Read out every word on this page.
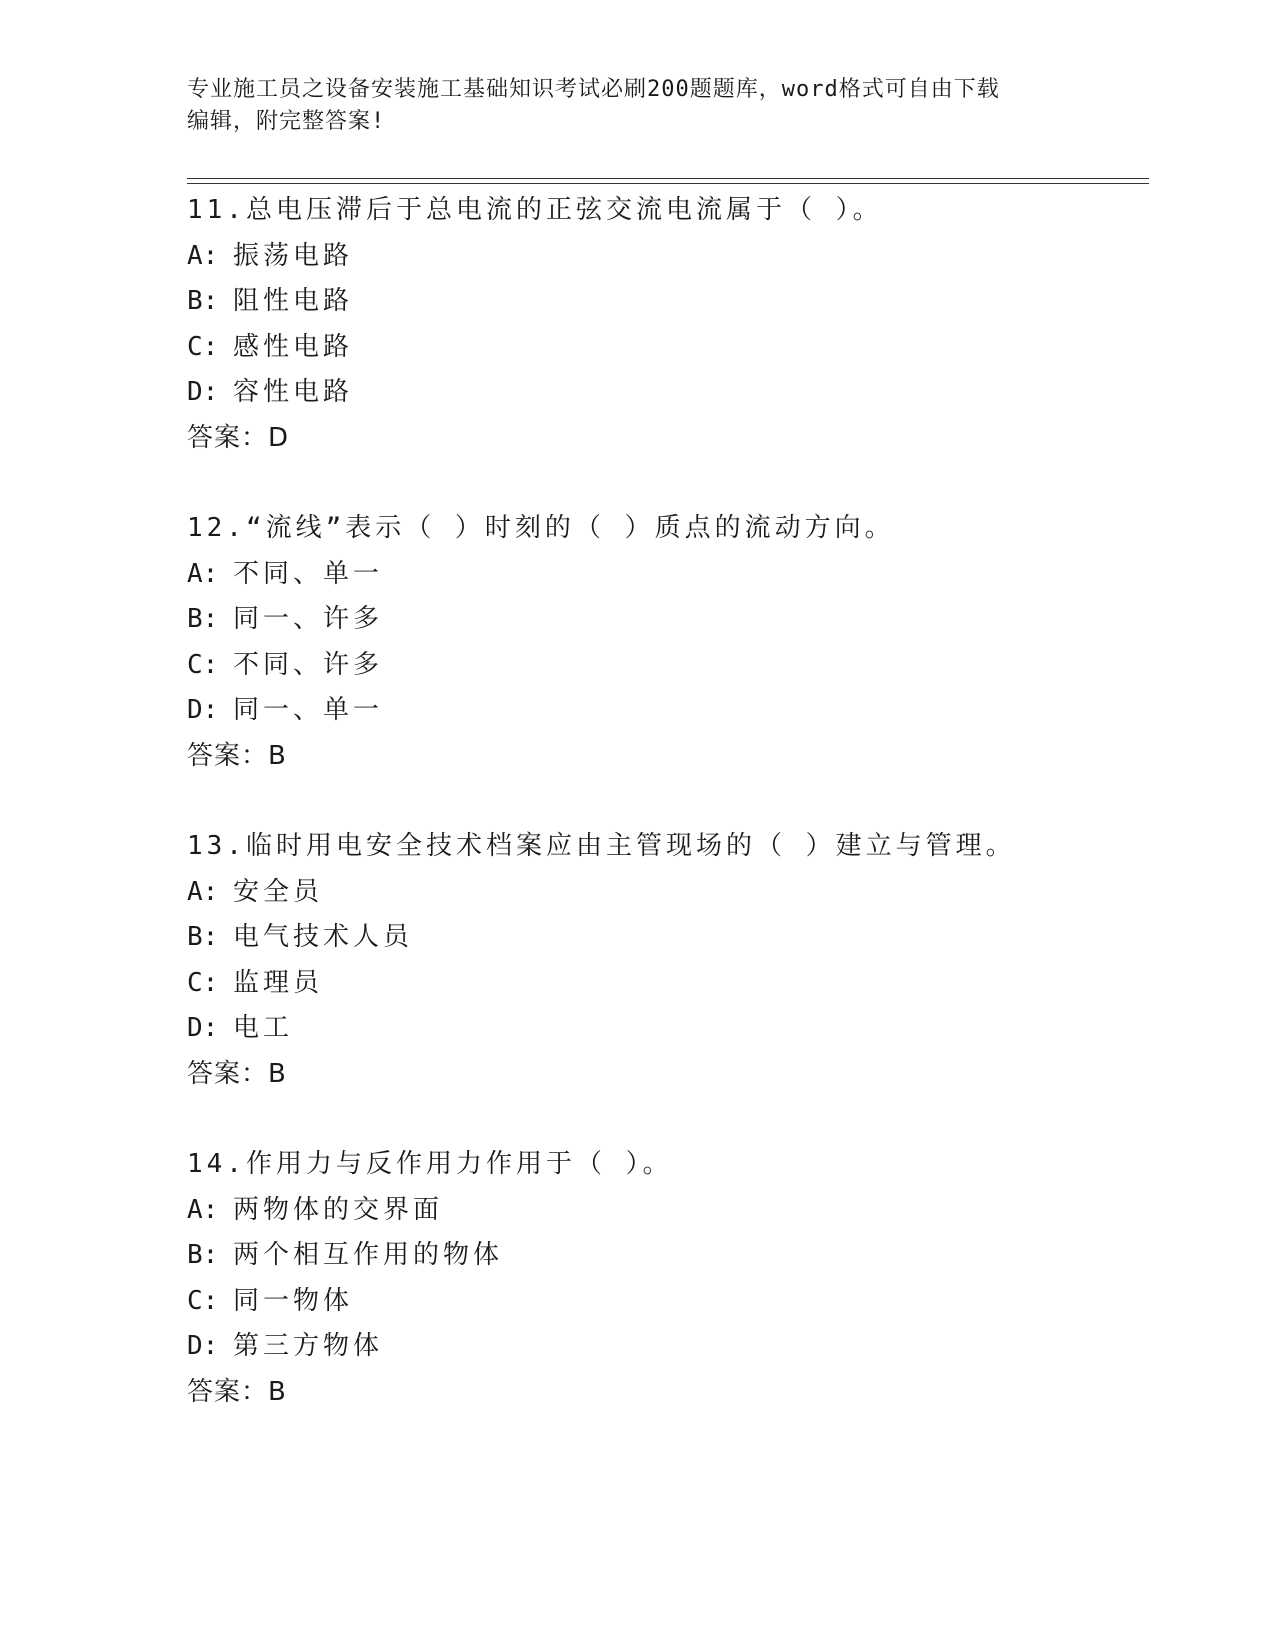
专业施工员之设备安装施工基础知识考试必刷200题题库，word格式可自由下载
编辑，附完整答案!
11.总电压滞后于总电流的正弦交流电流属于（ ）。
A: 振荡电路
B: 阻性电路
C: 感性电路
D: 容性电路
答案：D
12.“流线”表示（ ）时刻的（ ）质点的流动方向。
A: 不同、单一
B: 同一、许多
C: 不同、许多
D: 同一、单一
答案：B
13.临时用电安全技术档案应由主管现场的（ ）建立与管理。
A: 安全员
B: 电气技术人员
C: 监理员
D: 电工
答案：B
14.作用力与反作用力作用于（ ）。
A: 两物体的交界面
B: 两个相互作用的物体
C: 同一物体
D: 第三方物体
答案：B
